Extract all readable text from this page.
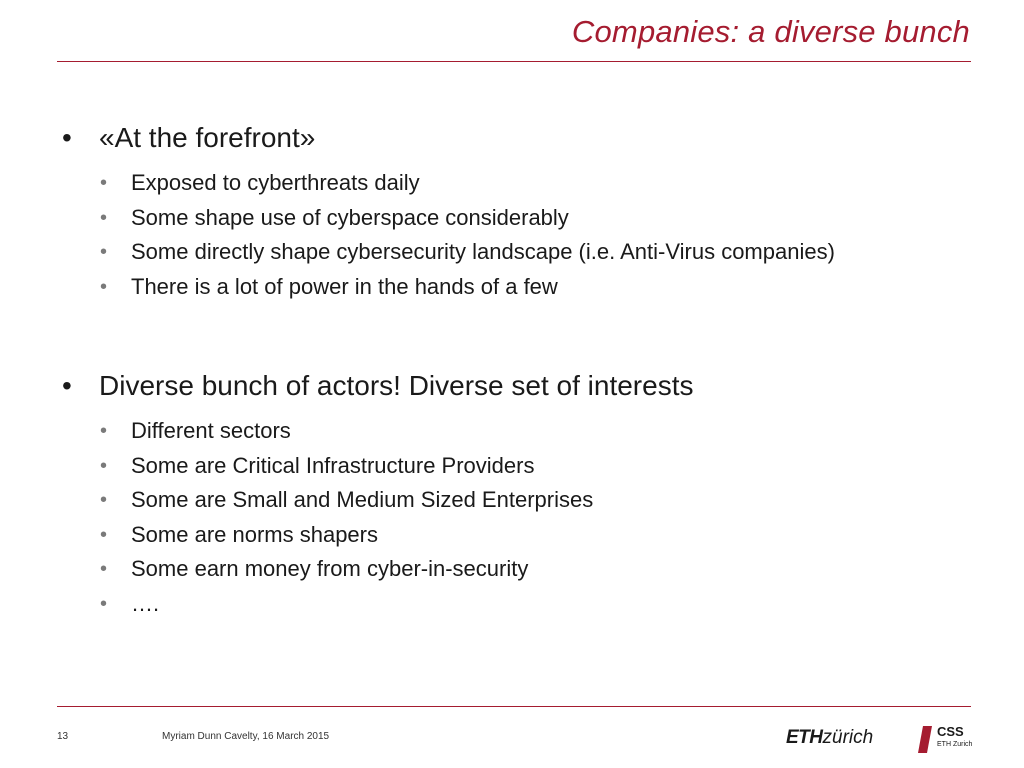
Companies: a diverse bunch
• «At the forefront»
• Exposed to cyberthreats daily
• Some shape use of cyberspace considerably
• Some directly shape cybersecurity landscape (i.e. Anti-Virus companies)
• There is a lot of power in the hands of a few
• Diverse bunch of actors! Diverse set of interests
• Different sectors
• Some are Critical Infrastructure Providers
• Some are Small and Medium Sized Enterprises
• Some are norms shapers
• Some earn money from cyber-in-security
• ….
13	Myriam Dunn Cavelty, 16 March 2015	ETHzürich	CSS
ETH Zurich
